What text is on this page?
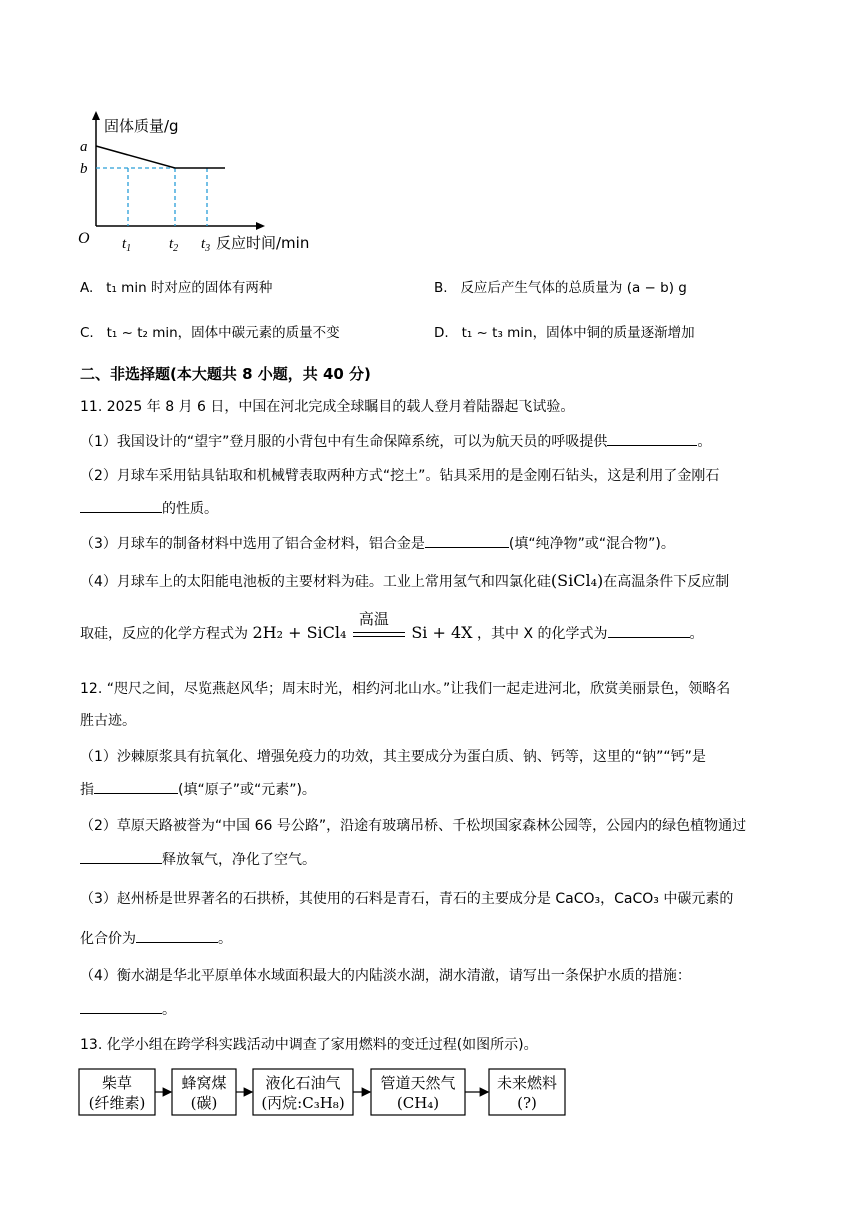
固体质量/g
a
b
O $t_1$	$t_2$ $t_3$ 反应时间/min
A. t₁ min 时对应的固体有两种	B. 反应后产生气体的总质量为 (a − b) g
C. t₁ ~ t₂ min，固体中碳元素的质量不变	D. t₁ ~ t₃ min，固体中铜的质量逐渐增加
二、非选择题(本大题共 8 小题，共 40 分)
11. 2025 年 8 月 6 日，中国在河北完成全球瞩目的载人登月着陆器起飞试验。
（1）我国设计的“望宇”登月服的小背包中有生命保障系统，可以为航天员的呼吸提供	。
（2）月球车采用钻具钻取和机械臂表取两种方式“挖土”。钻具采用的是金刚石钻头，这是利用了金刚石
的性质。
（3）月球车的制备材料中选用了铝合金材料，铝合金是	(填“纯净物”或“混合物”)。
（4）月球车上的太阳能电池板的主要材料为硅。工业上常用氢气和四氯化硅(SiCl₄)在高温条件下反应制
取硅，反应的化学方程式为 2H₂ + SiCl₄
高温
Si + 4X ，其中 X 的化学式为	。
12. “咫尺之间，尽览燕赵风华；周末时光，相约河北山水。”让我们一起走进河北，欣赏美丽景色，领略名
胜古迹。
（1）沙棘原浆具有抗氧化、增强免疫力的功效，其主要成分为蛋白质、钠、钙等，这里的“钠”“钙”是
指	(填“原子”或“元素”)。
（2）草原天路被誉为“中国 66 号公路”，沿途有玻璃吊桥、千松坝国家森林公园等，公园内的绿色植物通过
释放氧气，净化了空气。
（3）赵州桥是世界著名的石拱桥，其使用的石料是青石，青石的主要成分是 CaCO₃，CaCO₃ 中碳元素的
化合价为	。
（4）衡水湖是华北平原单体水域面积最大的内陆淡水湖，湖水清澈，请写出一条保护水质的措施：
。
13. 化学小组在跨学科实践活动中调查了家用燃料的变迁过程(如图所示)。
柴草
(纤维素)
蜂窝煤
(碳)
液化石油气
(丙烷:C₃H₈)
管道天然气
(CH₄)
未来燃料
(?)
